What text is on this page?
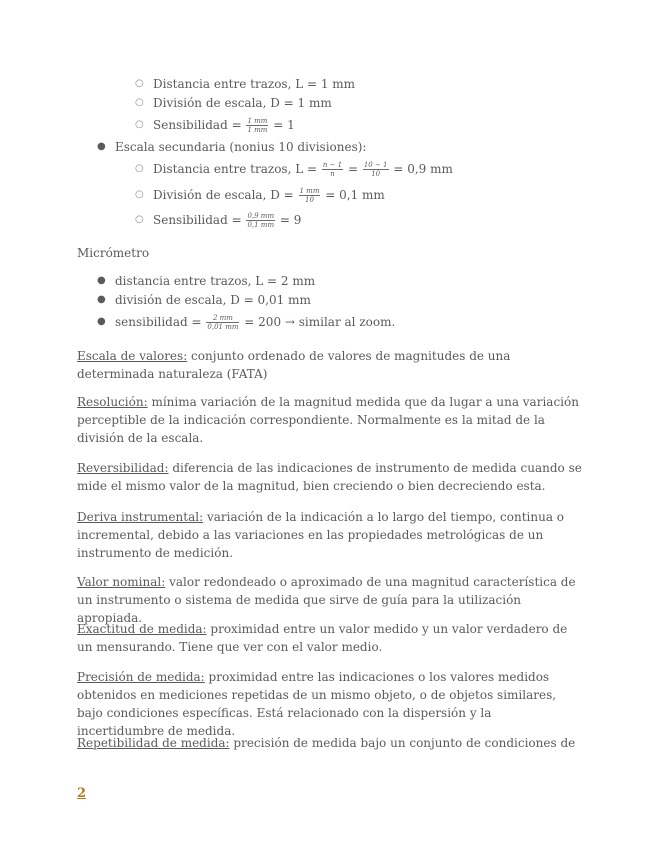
○ Distancia entre trazos, L = 1 mm
○ División de escala, D = 1 mm
○ Sensibilidad = $\frac{1 mm}{1 mm} = 1$
● Escala secundaria (nonius 10 divisiones):
○ Distancia entre trazos, $L = \frac{n - 1}{n} = \frac{10 - 1}{10} = 0,9$ mm
○ División de escala, $D = \frac{1 mm}{10} = 0,1$ mm
○ Sensibilidad = $\frac{0,9 mm}{0,1 mm} = 9$
Micrómetro
● distancia entre trazos, L = 2 mm
● división de escala, D = 0,01 mm
● sensibilidad = $\frac{2 mm}{0,01 mm} = 200$ → similar al zoom.
Escala de valores: conjunto ordenado de valores de magnitudes de una determinada naturaleza (FATA)
Resolución: mínima variación de la magnitud medida que da lugar a una variación perceptible de la indicación correspondiente. Normalmente es la mitad de la división de la escala.
Reversibilidad: diferencia de las indicaciones de instrumento de medida cuando se mide el mismo valor de la magnitud, bien creciendo o bien decreciendo esta.
Deriva instrumental: variación de la indicación a lo largo del tiempo, continua o incremental, debido a las variaciones en las propiedades metrológicas de un instrumento de medición.
Valor nominal: valor redondeado o aproximado de una magnitud característica de un instrumento o sistema de medida que sirve de guía para la utilización apropiada.
Exactitud de medida: proximidad entre un valor medido y un valor verdadero de un mensurando. Tiene que ver con el valor medio.
Precisión de medida: proximidad entre las indicaciones o los valores medidos obtenidos en mediciones repetidas de un mismo objeto, o de objetos similares, bajo condiciones específicas. Está relacionado con la dispersión y la incertidumbre de medida.
Repetibilidad de medida: precisión de medida bajo un conjunto de condiciones de
2
